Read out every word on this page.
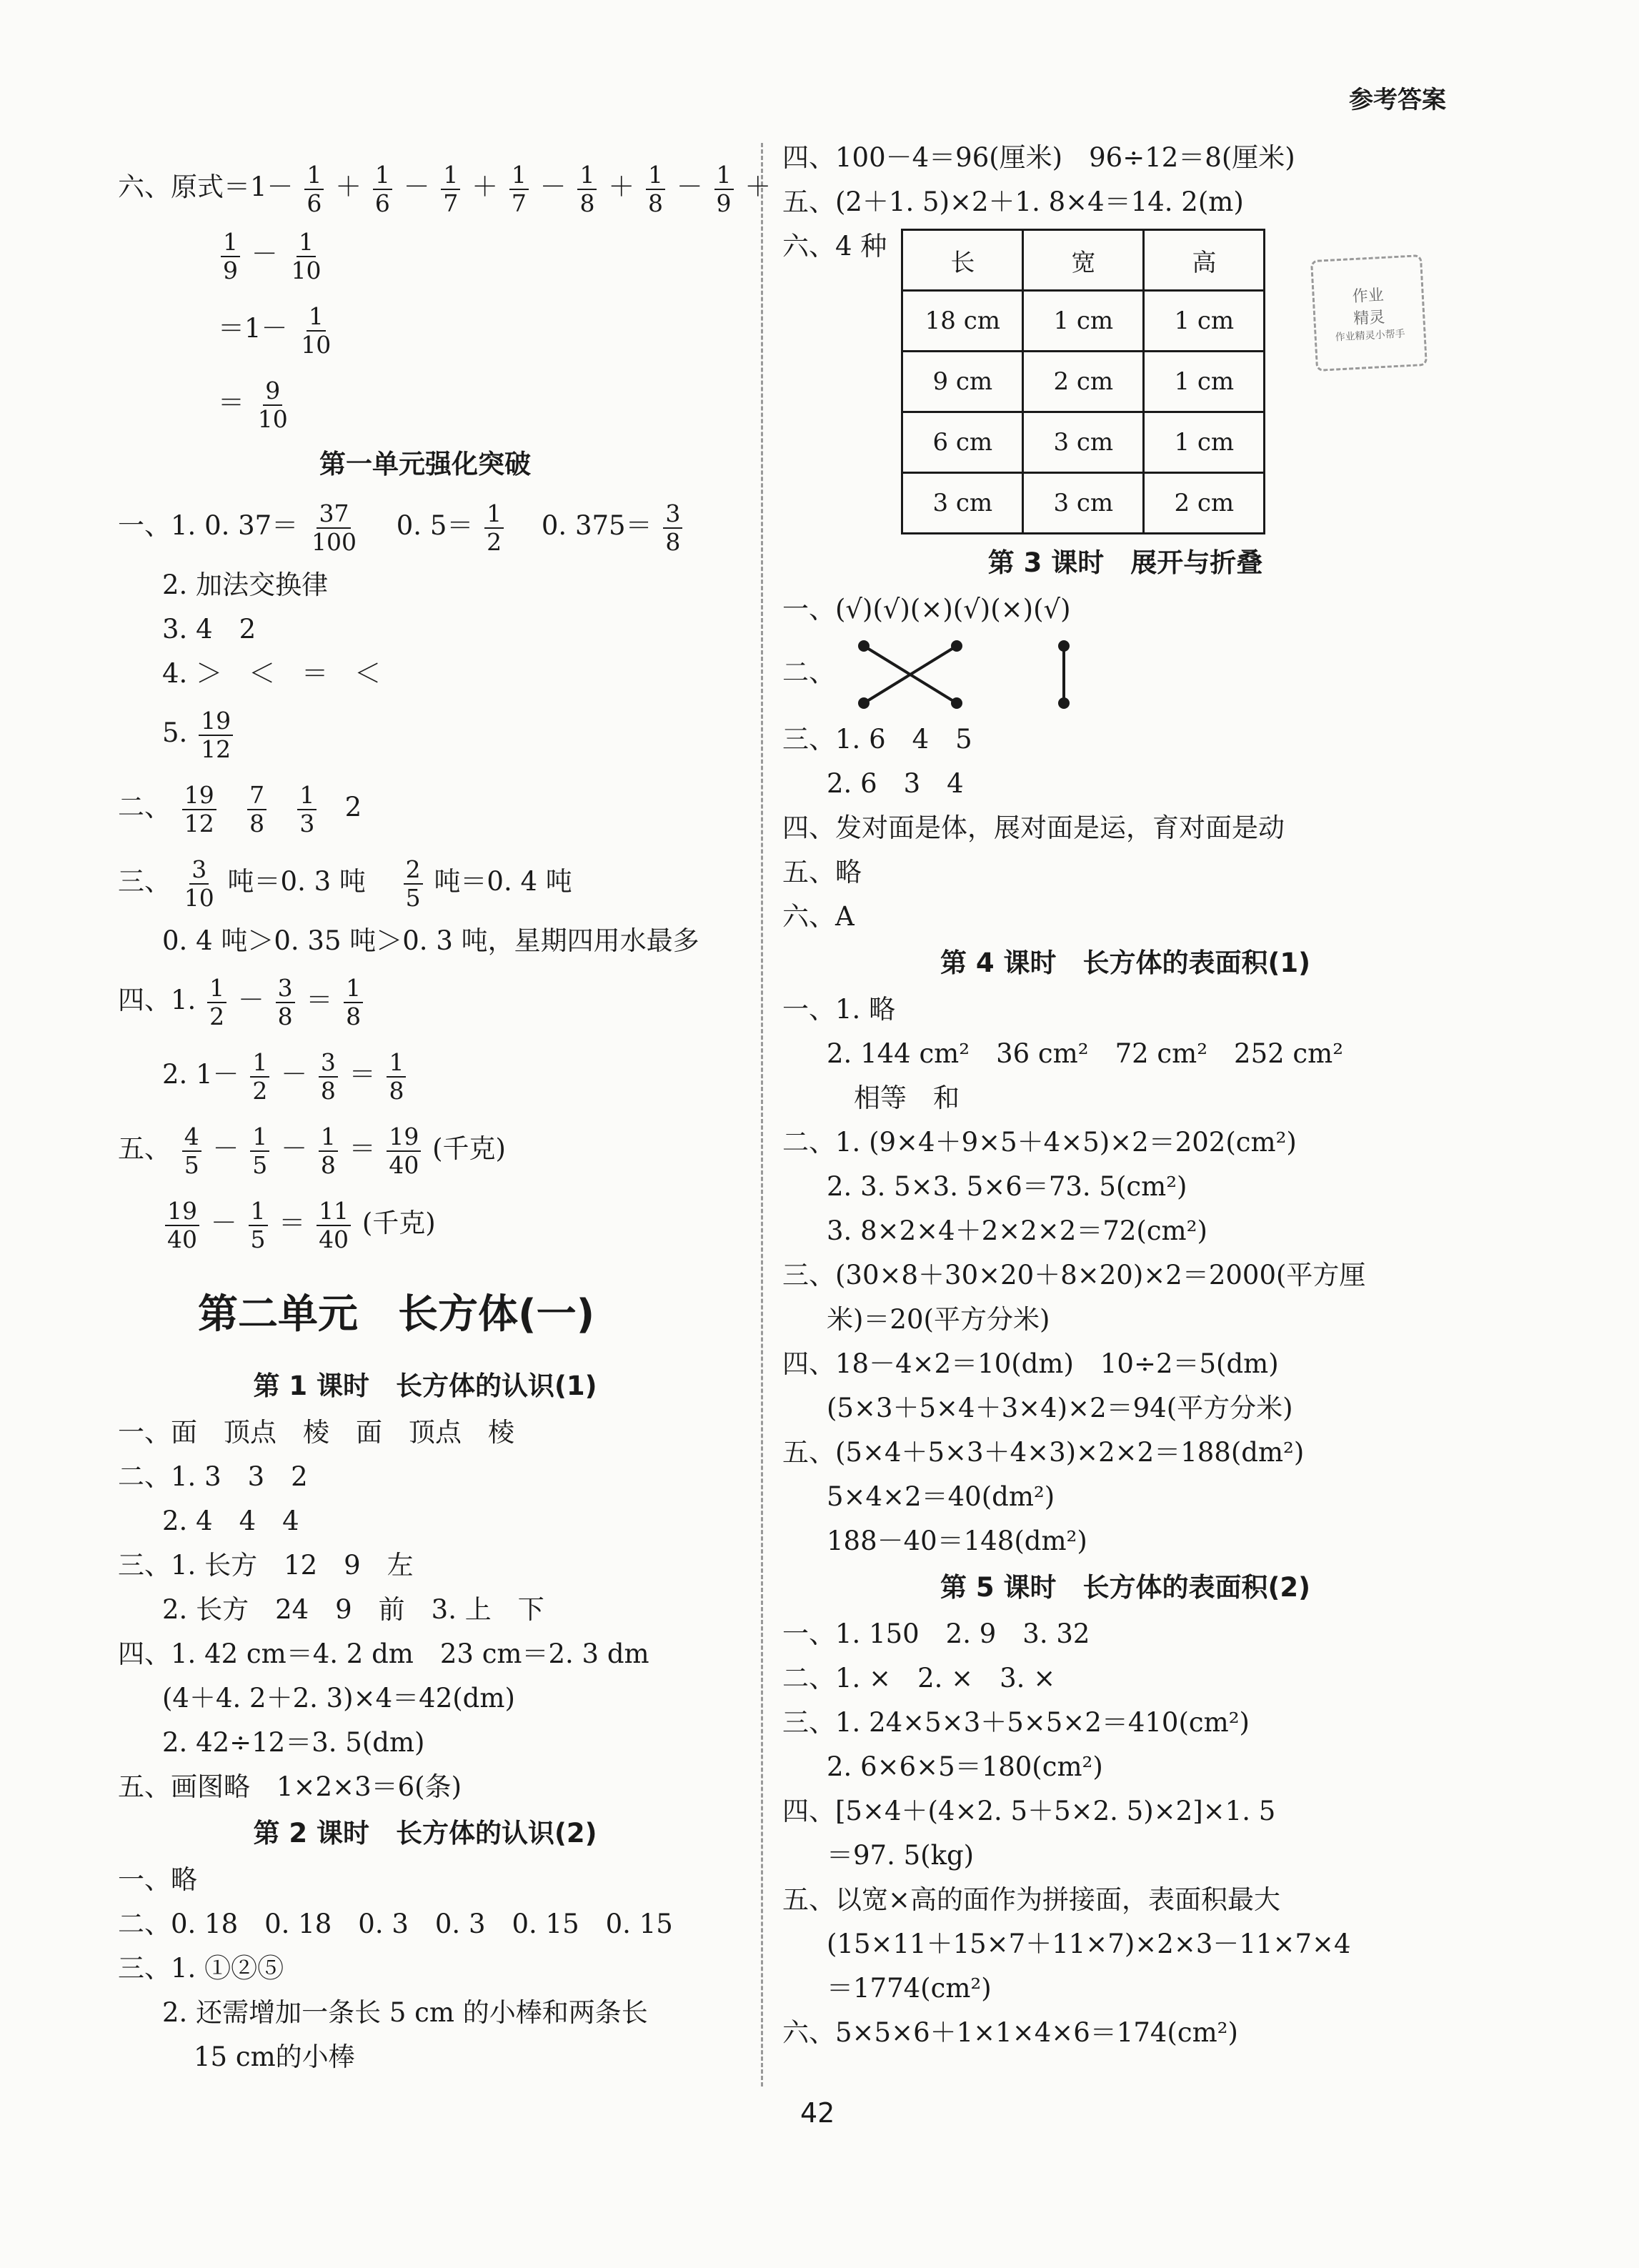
参考答案
作业
精灵
作业精灵小帮手
六、原式$=1- \frac{1}{6} + \frac{1}{6} - \frac{1}{7} + \frac{1}{7} - \frac{1}{8} + \frac{1}{8} - \frac{1}{9}$ ＋
$\frac{1}{9} - \frac{1}{10}$
$=1- \frac{1}{10}$
＝ $\frac{9}{10}$
第一单元强化突破
一、1. 0. $37= \frac{37}{100}$ 　0. $5= \frac{1}{2}$ 　0. $375= \frac{3}{8}$
2. 加法交换律
3. 4　2
4. ＞　＜　＝　＜
5. $\frac{19}{12}$
二、 $\frac{19}{12}$
$\frac{7}{8}$
$\frac{1}{3} 2$
三、 $\frac{3}{10}$ 吨＝0. 3 吨　 $\frac{2}{5}$ 吨＝0. 4 吨
0. 4 吨＞0. 35 吨＞0. 3 吨，星期四用水最多
四、1. $\frac{1}{2} - \frac{3}{8} = \frac{1}{8}$
2. $1- \frac{1}{2} - \frac{3}{8} = \frac{1}{8}$
五、 $\frac{4}{5} - \frac{1}{5} - \frac{1}{8} = \frac{19}{40}$ (千克)
$\frac{19}{40} - \frac{1}{5} = \frac{11}{40}$ (千克)
第二单元　长方体(一)
第 1 课时　长方体的认识(1)
一、面　顶点　棱　面　顶点　棱
二、1. 3　3　2
2. 4　4　4
三、1. 长方　12　9　左
2. 长方　24　9　前　3. 上　下
四、1. 42 cm＝4. 2 dm　23 cm＝2. 3 dm
(4＋4. 2＋2. 3)×4＝42(dm)
2. 42÷12＝3. 5(dm)
五、画图略　1×2×3＝6(条)
第 2 课时　长方体的认识(2)
一、略
二、0. 18　0. 18　0. 3　0. 3　0. 15　0. 15
三、1. ①②⑤
2. 还需增加一条长 5 cm 的小棒和两条长
15 cm的小棒
四、100－4＝96(厘米)　96÷12＝8(厘米)
五、(2＋1. 5)×2＋1. 8×4＝14. 2(m)
六、4 种
长	宽	高
18 cm	1 cm	1 cm
9 cm	2 cm	1 cm
6 cm	3 cm	1 cm
3 cm	3 cm	2 cm
第 3 课时　展开与折叠
一、(√)(√)(×)(√)(×)(√)
二、
三、1. 6　4　5
2. 6　3　4
四、发对面是体，展对面是运，育对面是动
五、略
六、A
第 4 课时　长方体的表面积(1)
一、1. 略
2. 144 cm²　36 cm²　72 cm²　252 cm²
相等　和
二、1. (9×4＋9×5＋4×5)×2＝202(cm²)
2. 3. 5×3. 5×6＝73. 5(cm²)
3. 8×2×4＋2×2×2＝72(cm²)
三、(30×8＋30×20＋8×20)×2＝2000(平方厘
米)＝20(平方分米)
四、18－4×2＝10(dm)　10÷2＝5(dm)
(5×3＋5×4＋3×4)×2＝94(平方分米)
五、(5×4＋5×3＋4×3)×2×2＝188(dm²)
5×4×2＝40(dm²)
188－40＝148(dm²)
第 5 课时　长方体的表面积(2)
一、1. 150　2. 9　3. 32
二、1. ×　2. ×　3. ×
三、1. 24×5×3＋5×5×2＝410(cm²)
2. 6×6×5＝180(cm²)
四、[5×4＋(4×2. 5＋5×2. 5)×2]×1. 5
＝97. 5(kg)
五、以宽×高的面作为拼接面，表面积最大
(15×11＋15×7＋11×7)×2×3－11×7×4
＝1774(cm²)
六、5×5×6＋1×1×4×6＝174(cm²)
42
